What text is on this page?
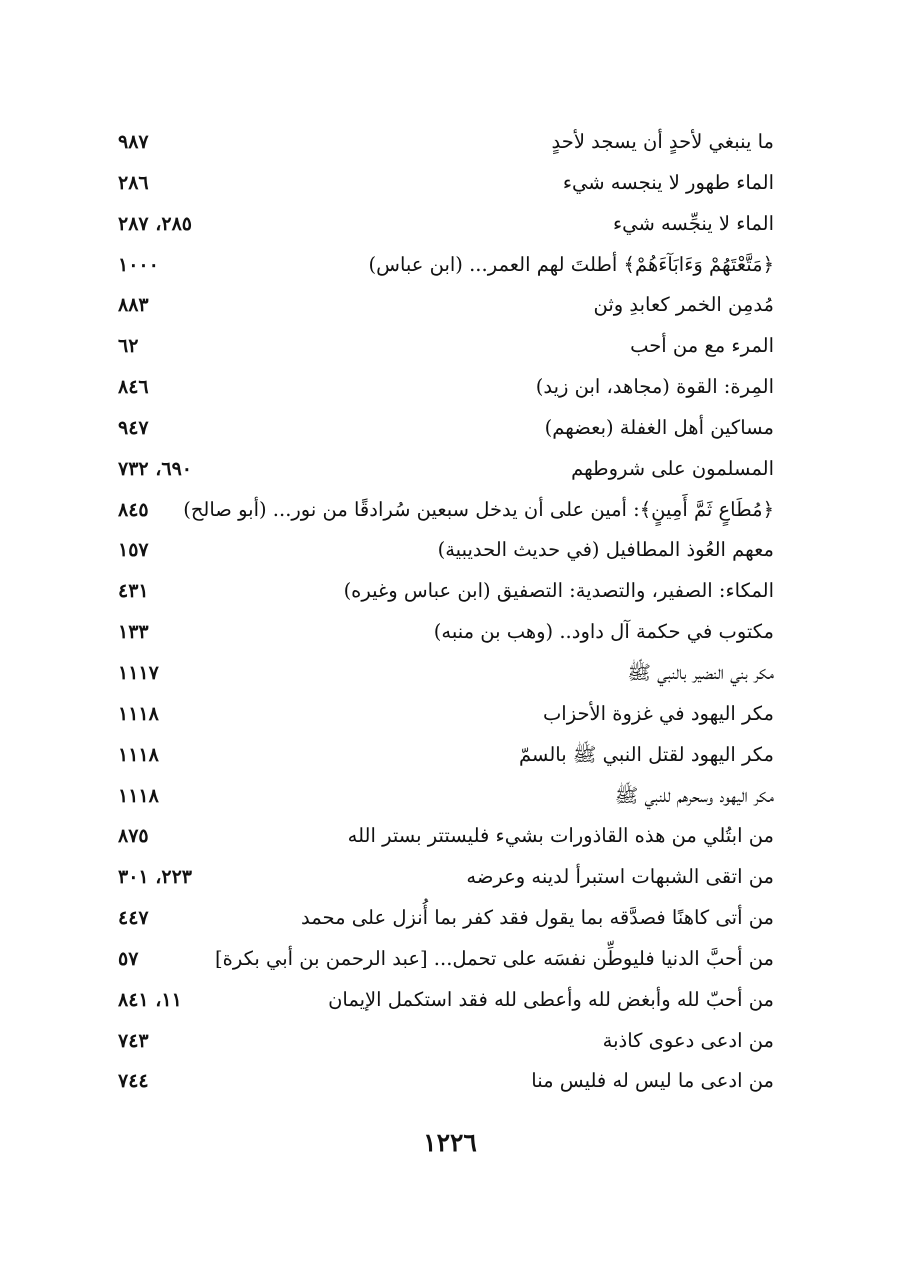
ما ينبغي لأحدٍ أن يسجد لأحدٍ
٩٨٧
الماء طهور لا ينجسه شيء
٢٨٦
الماء لا ينجِّسه شيء
٢٨٥، ٢٨٧
﴿مَتَّعْتَهُمْ وَءَابَآءَهُمْ﴾ أطلتَ لهم العمر... (ابن عباس)
١٠٠٠
مُدمِن الخمر كعابدِ وثن
٨٨٣
المرء مع من أحب
٦٢
المِرة: القوة (مجاهد، ابن زيد)
٨٤٦
مساكين أهل الغفلة (بعضهم)
٩٤٧
المسلمون على شروطهم
٦٩٠، ٧٣٢
﴿مُطَاعٍ ثَمَّ أَمِينٍ﴾: أمين على أن يدخل سبعين سُرادقًا من نور... (أبو صالح)
٨٤٥
معهم العُوذ المطافيل (في حديث الحديبية)
١٥٧
المكاء: الصفير، والتصدية: التصفيق (ابن عباس وغيره)
٤٣١
مكتوب في حكمة آل داود.. (وهب بن منبه)
١٣٣
مكر بني النضير بالنبي ﷺ
١١١٧
مكر اليهود في غزوة الأحزاب
١١١٨
مكر اليهود لقتل النبي ﷺ بالسمّ
١١١٨
مكر اليهود وسحرهم للنبي ﷺ
١١١٨
من ابتُلي من هذه القاذورات بشيء فليستتر بستر الله
٨٧٥
من اتقى الشبهات استبرأ لدينه وعرضه
٢٢٣، ٣٠١
من أتى كاهنًا فصدَّقه بما يقول فقد كفر بما أُنزل على محمد
٤٤٧
من أحبَّ الدنيا فليوطِّن نفسَه على تحمل... [عبد الرحمن بن أبي بكرة]
٥٧
من أحبّ لله وأبغض لله وأعطى لله فقد استكمل الإيمان
١١، ٨٤١
من ادعى دعوى كاذبة
٧٤٣
من ادعى ما ليس له فليس منا
٧٤٤
١٢٢٦
